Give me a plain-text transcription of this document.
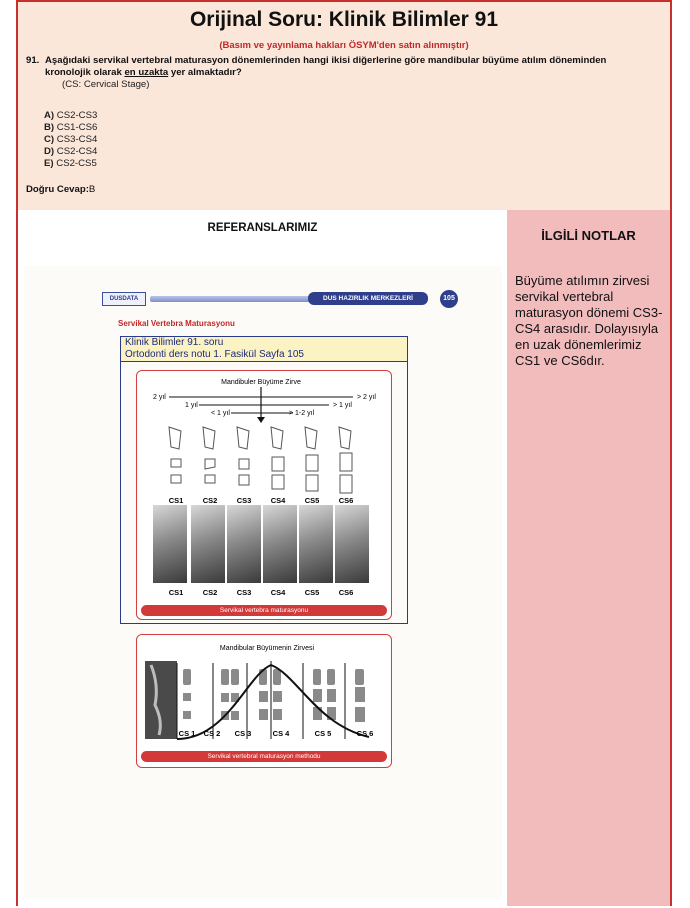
Orijinal Soru: Klinik Bilimler 91
(Basım ve yayınlama hakları ÖSYM'den satın alınmıştır)
91. Aşağıdaki servikal vertebral maturasyon dönemlerinden hangi ikisi diğerlerine göre mandibular büyüme atılım döneminden kronolojik olarak en uzakta yer almaktadır?
(CS: Cervical Stage)
A) CS2-CS3
B) CS1-CS6
C) CS3-CS4
D) CS2-CS4
E) CS2-CS5
Doğru Cevap:B
REFERANSLARIMIZ
DUSDATA	DUS HAZIRLIK MERKEZLERİ	105
Servikal Vertebra Maturasyonu
Klinik Bilimler 91. soru
Ortodonti ders notu 1. Fasikül Sayfa 105
Mandibuler Büyüme Zirve
2 yıl	> 2 yıl
1 yıl	> 1 yıl
< 1 yıl	> 1-2 yıl
CS1	CS2	CS3	CS4	CS5	CS6
CS1	CS2	CS3	CS4	CS5	CS6
Servikal vertebra maturasyonu
Mandibular Büyümenin Zirvesi
CS 1 CS 2 CS 3	CS 4	CS 5	CS 6
Servikal vertebral maturasyon methodu
İLGİLİ NOTLAR
Büyüme atılımın zirvesi servikal vertebral maturasyon dönemi CS3-CS4 arasıdır. Dolayısıyla en uzak dönemlerimiz CS1 ve CS6dır.
